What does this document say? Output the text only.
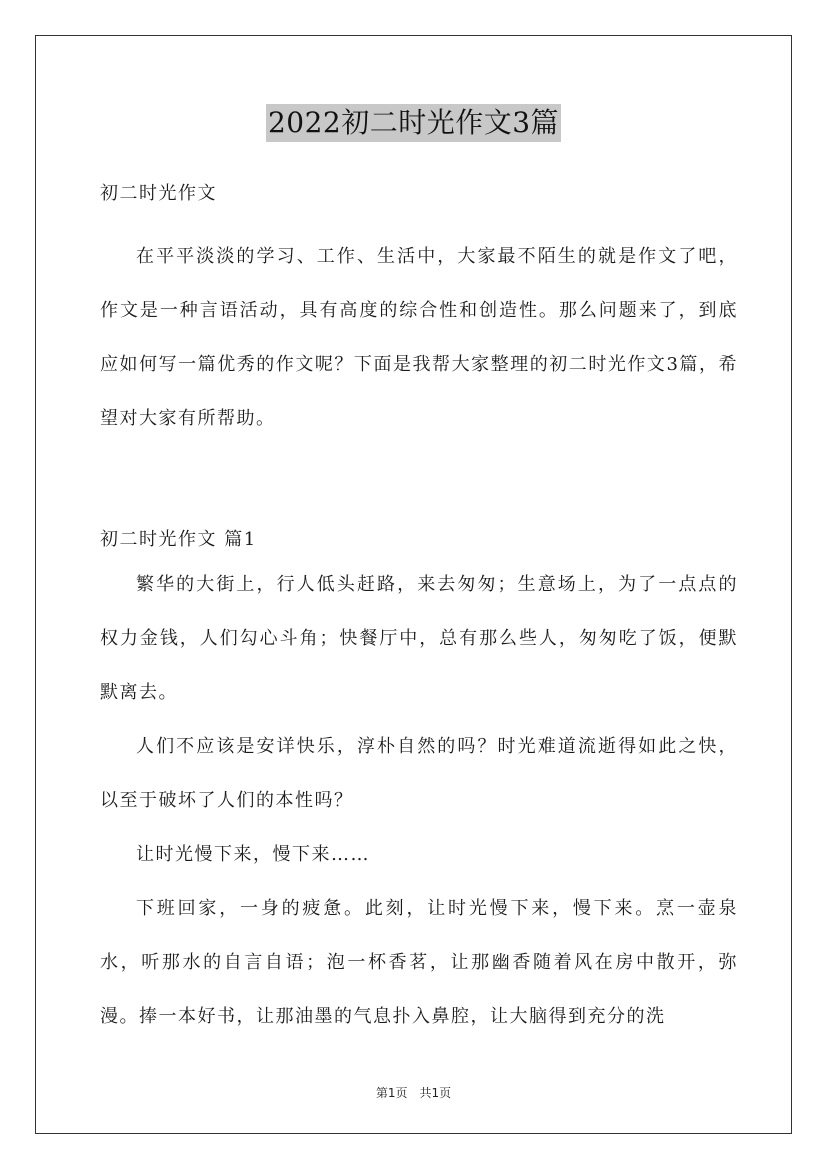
2022初二时光作文3篇

初二时光作文

在平平淡淡的学习、工作、生活中，大家最不陌生的就是作文了吧，作文是一种言语活动，具有高度的综合性和创造性。那么问题来了，到底应如何写一篇优秀的作文呢？下面是我帮大家整理的初二时光作文3篇，希望对大家有所帮助。

初二时光作文 篇1

繁华的大街上，行人低头赶路，来去匆匆；生意场上，为了一点点的权力金钱，人们勾心斗角；快餐厅中，总有那么些人，匆匆吃了饭，便默默离去。

人们不应该是安详快乐，淳朴自然的吗？时光难道流逝得如此之快，以至于破坏了人们的本性吗？

让时光慢下来，慢下来……

下班回家，一身的疲惫。此刻，让时光慢下来，慢下来。烹一壶泉水，听那水的自言自语；泡一杯香茗，让那幽香随着风在房中散开，弥漫。捧一本好书，让那油墨的气息扑入鼻腔，让大脑得到充分的洗

第1页　共1页
